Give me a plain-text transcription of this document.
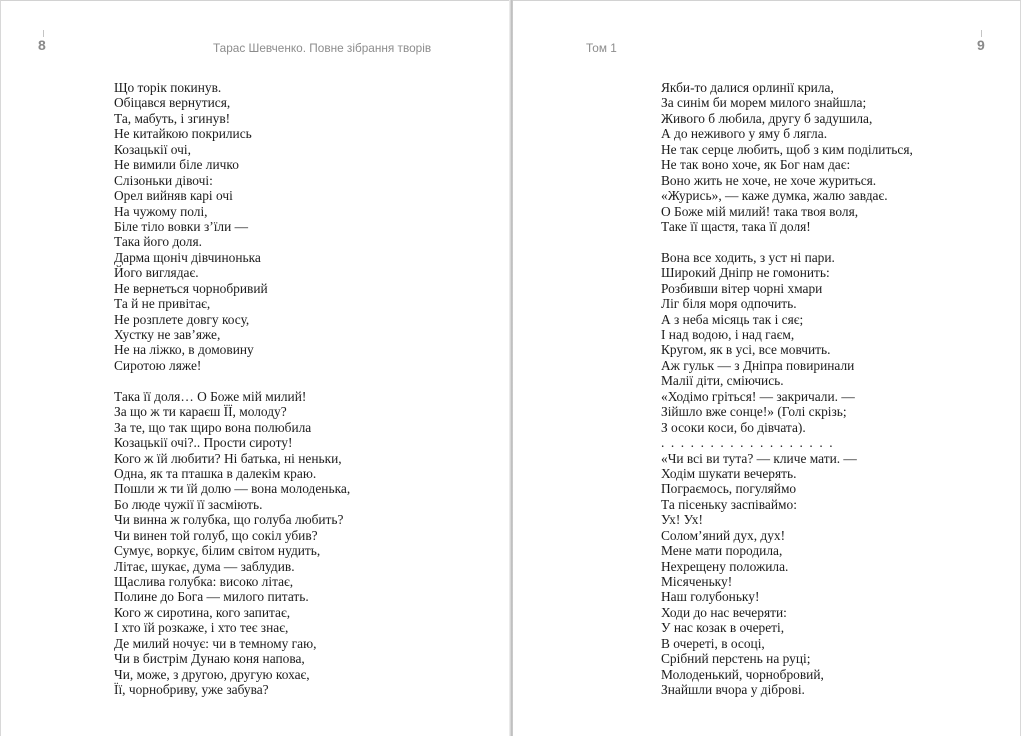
8	Тарас Шевченко. Повне зібрання творів
Що торік покинув.
Обіцався вернутися,
Та, мабуть, і згинув!
Не китайкою покрились
Козацькії очі,
Не вимили біле личко
Слізоньки дівочі:
Орел вийняв карі очі
На чужому полі,
Біле тіло вовки з’їли —
Така його доля.
Дарма щоніч дівчинонька
Його виглядає.
Не вернеться чорнобривий
Та й не привітає,
Не розплете довгу косу,
Хустку не зав’яже,
Не на ліжко, в домовину
Сиротою ляже!
Така її доля… О Боже мій милий!
За що ж ти караєш ЇЇ, молоду?
За те, що так щиро вона полюбила
Козацькії очі?.. Прости сироту!
Кого ж їй любити? Ні батька, ні неньки,
Одна, як та пташка в далекім краю.
Пошли ж ти їй долю — вона молоденька,
Бо люде чужії її засміють.
Чи винна ж голубка, що голуба любить?
Чи винен той голуб, що сокіл убив?
Сумує, воркує, білим світом нудить,
Літає, шукає, дума — заблудив.
Щаслива голубка: високо літає,
Полине до Бога — милого питать.
Кого ж сиротина, кого запитає,
І хто їй розкаже, і хто теє знає,
Де милий ночує: чи в темному гаю,
Чи в бистрім Дунаю коня напова,
Чи, може, з другою, другую кохає,
Її, чорнобриву, уже забува?
9
Том 1
Якби-то далися орлинії крила,
За синім би морем милого знайшла;
Живого б любила, другу б задушила,
А до неживого у яму б лягла.
Не так серце любить, щоб з ким поділиться,
Не так воно хоче, як Бог нам дає:
Воно жить не хоче, не хоче журиться.
«Журись», — каже думка, жалю завдає.
О Боже мій милий! така твоя воля,
Таке її щастя, така її доля!
Вона все ходить, з уст ні пари.
Широкий Дніпр не гомонить:
Розбивши вітер чорні хмари
Ліг біля моря одпочить.
А з неба місяць так і сяє;
І над водою, і над гаєм,
Кругом, як в усі, все мовчить.
Аж гульк — з Дніпра повиринали
Малії діти, сміючись.
«Ходімо гріться! — закричали. —
Зійшло вже сонце!» (Голі скрізь;
З осоки коси, бо дівчата).
. . . . . . . . . . . . . . . . . .
«Чи всі ви тута? — кличе мати. —
Ходім шукати вечерять.
Пограємось, погуляймо
Та пісеньку заспіваймо:
Ух! Ух!
Солом’яний дух, дух!
Мене мати породила,
Нехрещену положила.
Місяченьку!
Наш голубоньку!
Ходи до нас вечеряти:
У нас козак в очереті,
В очереті, в осоці,
Срібний перстень на руці;
Молоденький, чорнобровий,
Знайшли вчора у діброві.
